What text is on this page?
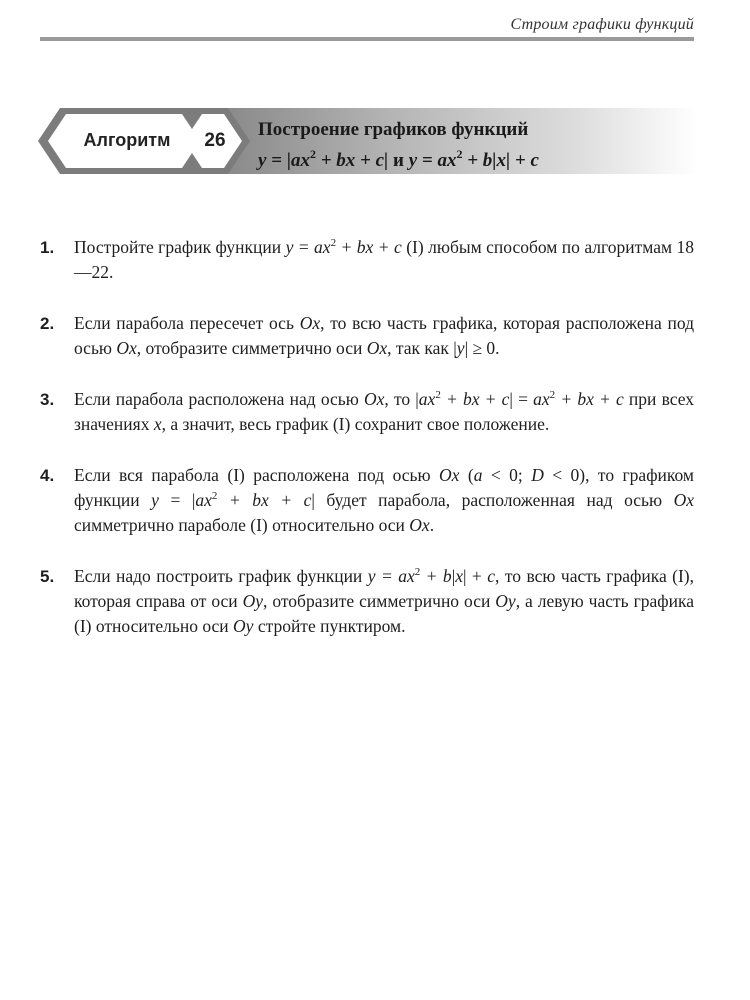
Строим графики функций
Алгоритм	26
Построение графиков функций
$y = |ax^2$ + bx + c| и $y = ax^2 + b|x| + c$
1. Постройте график функции $y = ax^2$ + bx + c (I) любым способом по алгоритмам 18—22.
2. Если парабола пересечет ось Ox, то всю часть графика, которая расположена под осью Ox, отобразите симметрично оси Ox, так как |y| ≥ 0.
3. Если парабола расположена над осью Ox, то $|ax^2$ + bx + $c| = ax^2$ + bx + c при всех значениях x, а значит, весь график (I) сохранит свое положение.
4. Если вся парабола (I) расположена под осью Ox (a < 0; D < 0), то графиком функции $y = |ax^2$ + bx + c| будет парабола, расположенная над осью Ox симметрично параболе (I) относительно оси Ox.
5. Если надо построить график функции $y = ax^2 + b|x| + c$, то всю часть графика (I), которая справа от оси Oy, отобразите симметрично оси Oy, а левую часть графика (I) относительно оси Oy стройте пунктиром.
